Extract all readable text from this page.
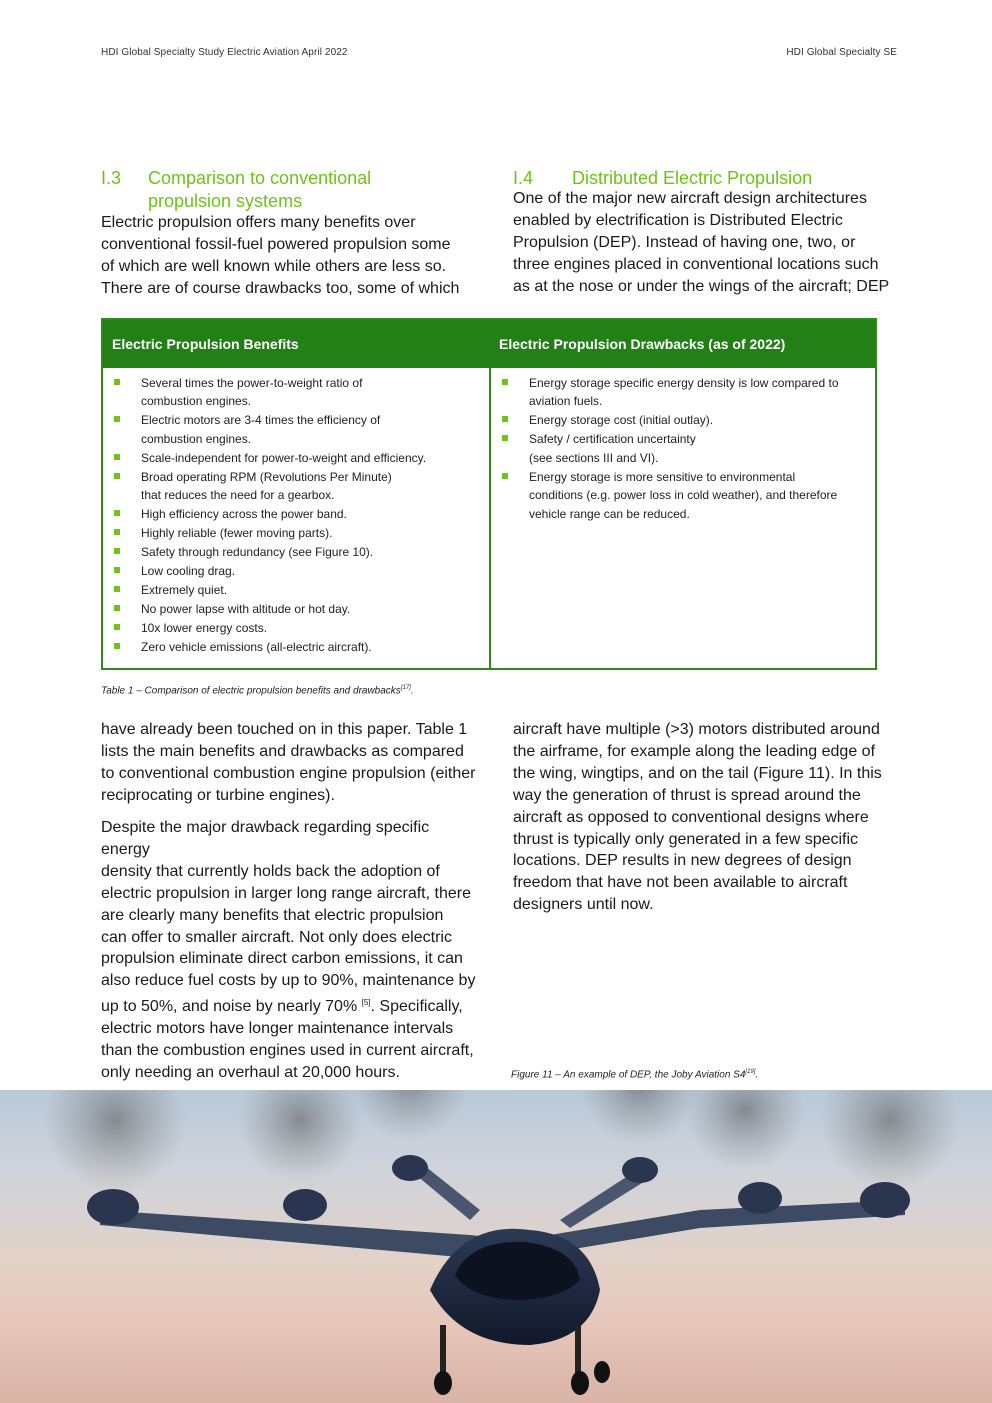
HDI Global Specialty Study Electric Aviation April 2022	HDI Global Specialty SE
I.3 Comparison to conventional
propulsion systems
Electric propulsion offers many benefits over
conventional fossil-fuel powered propulsion some
of which are well known while others are less so.
There are of course drawbacks too, some of which
I.4 Distributed Electric Propulsion
One of the major new aircraft design architectures
enabled by electrification is Distributed Electric
Propulsion (DEP). Instead of having one, two, or
three engines placed in conventional locations such
as at the nose or under the wings of the aircraft; DEP
Electric Propulsion Benefits	Electric Propulsion Drawbacks (as of 2022)
Several times the power-to-weight ratio of
combustion engines.
Electric motors are 3-4 times the efficiency of
combustion engines.
Scale-independent for power-to-weight and efficiency.
Broad operating RPM (Revolutions Per Minute)
that reduces the need for a gearbox.
High efficiency across the power band.
Highly reliable (fewer moving parts).
Safety through redundancy (see Figure 10).
Low cooling drag.
Extremely quiet.
No power lapse with altitude or hot day.
10x lower energy costs.
Zero vehicle emissions (all-electric aircraft).
Energy storage specific energy density is low compared to
aviation fuels.
Energy storage cost (initial outlay).
Safety / certification uncertainty
(see sections III and VI).
Energy storage is more sensitive to environmental
conditions (e.g. power loss in cold weather), and therefore
vehicle range can be reduced.
Table 1 – Comparison of electric propulsion benefits and drawbacks[17].
have already been touched on in this paper. Table 1
lists the main benefits and drawbacks as compared
to conventional combustion engine propulsion (either
reciprocating or turbine engines).
Despite the major drawback regarding specific energy
density that currently holds back the adoption of
electric propulsion in larger long range aircraft, there
are clearly many benefits that electric propulsion
can offer to smaller aircraft. Not only does electric
propulsion eliminate direct carbon emissions, it can
also reduce fuel costs by up to 90%, maintenance by
up to 50%, and noise by nearly 70% [5]. Specifically,
electric motors have longer maintenance intervals
than the combustion engines used in current aircraft,
only needing an overhaul at 20,000 hours.
aircraft have multiple (>3) motors distributed around
the airframe, for example along the leading edge of
the wing, wingtips, and on the tail (Figure 11). In this
way the generation of thrust is spread around the
aircraft as opposed to conventional designs where
thrust is typically only generated in a few specific
locations. DEP results in new degrees of design
freedom that have not been available to aircraft
designers until now.
Figure 11 – An example of DEP, the Joby Aviation S4[19].
